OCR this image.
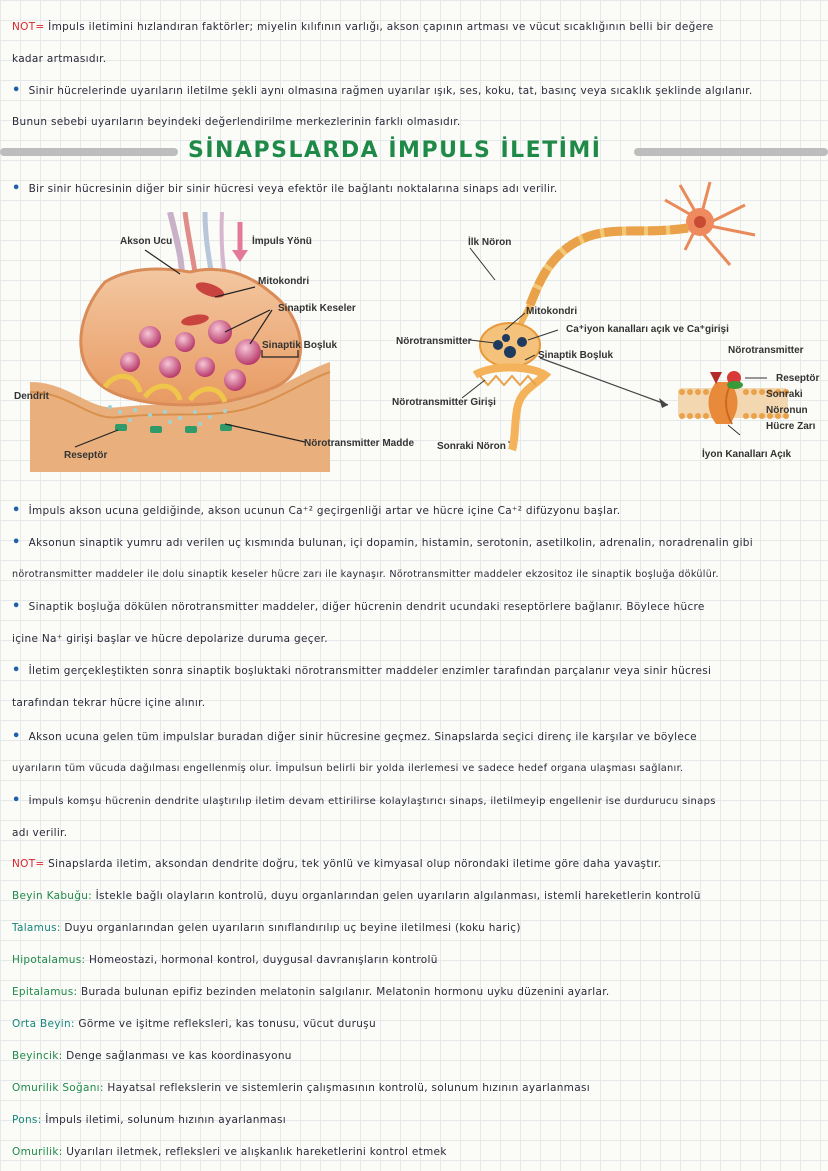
NOT= İmpuls iletimini hızlandıran faktörler; miyelin kılıfının varlığı, akson çapının artması ve vücut sıcaklığının belli bir değere
kadar artmasıdır.
• Sinir hücrelerinde uyarıların iletilme şekli aynı olmasına rağmen uyarılar ışık, ses, koku, tat, basınç veya sıcaklık şeklinde algılanır.
Bunun sebebi uyarıların beyindeki değerlendirilme merkezlerinin farklı olmasıdır.
SİNAPSLARDA İMPULS İLETİMİ
• Bir sinir hücresinin diğer bir sinir hücresi veya efektör ile bağlantı noktalarına sinaps adı verilir.
Akson Ucu	İmpuls Yönü
Mitokondri
Sinaptik Keseler
Sinaptik Boşluk
Dendrit
Reseptör
Nörotransmitter Madde
İlk Nöron
Mitokondri
Ca⁺iyon kanalları açık ve Ca⁺girişi
Nörotransmitter
Sinaptik Boşluk
Nörotransmitter Girişi
Sonraki Nöron
Nörotransmitter
Reseptör
Sonraki
Nöronun
Hücre Zarı
İyon Kanalları Açık
• İmpuls akson ucuna geldiğinde, akson ucunun Ca⁺² geçirgenliği artar ve hücre içine Ca⁺² difüzyonu başlar.
• Aksonun sinaptik yumru adı verilen uç kısmında bulunan, içi dopamin, histamin, serotonin, asetilkolin, adrenalin, noradrenalin gibi
nörotransmitter maddeler ile dolu sinaptik keseler hücre zarı ile kaynaşır. Nörotransmitter maddeler ekzositoz ile sinaptik boşluğa dökülür.
• Sinaptik boşluğa dökülen nörotransmitter maddeler, diğer hücrenin dendrit ucundaki reseptörlere bağlanır. Böylece hücre
içine Na⁺ girişi başlar ve hücre depolarize duruma geçer.
• İletim gerçekleştikten sonra sinaptik boşluktaki nörotransmitter maddeler enzimler tarafından parçalanır veya sinir hücresi
tarafından tekrar hücre içine alınır.
• Akson ucuna gelen tüm impulslar buradan diğer sinir hücresine geçmez. Sinapslarda seçici direnç ile karşılar ve böylece
uyarıların tüm vücuda dağılması engellenmiş olur. İmpulsun belirli bir yolda ilerlemesi ve sadece hedef organa ulaşması sağlanır.
• İmpuls komşu hücrenin dendrite ulaştırılıp iletim devam ettirilirse kolaylaştırıcı sinaps, iletilmeyip engellenir ise durdurucu sinaps
adı verilir.
NOT= Sinapslarda iletim, aksondan dendrite doğru, tek yönlü ve kimyasal olup nörondaki iletime göre daha yavaştır.
Beyin Kabuğu: İstekle bağlı olayların kontrolü, duyu organlarından gelen uyarıların algılanması, istemli hareketlerin kontrolü
Talamus: Duyu organlarından gelen uyarıların sınıflandırılıp uç beyine iletilmesi (koku hariç)
Hipotalamus: Homeostazi, hormonal kontrol, duygusal davranışların kontrolü
Epitalamus: Burada bulunan epifiz bezinden melatonin salgılanır. Melatonin hormonu uyku düzenini ayarlar.
Orta Beyin: Görme ve işitme refleksleri, kas tonusu, vücut duruşu
Beyincik: Denge sağlanması ve kas koordinasyonu
Omurilik Soğanı: Hayatsal reflekslerin ve sistemlerin çalışmasının kontrolü, solunum hızının ayarlanması
Pons: İmpuls iletimi, solunum hızının ayarlanması
Omurilik: Uyarıları iletmek, refleksleri ve alışkanlık hareketlerini kontrol etmek
